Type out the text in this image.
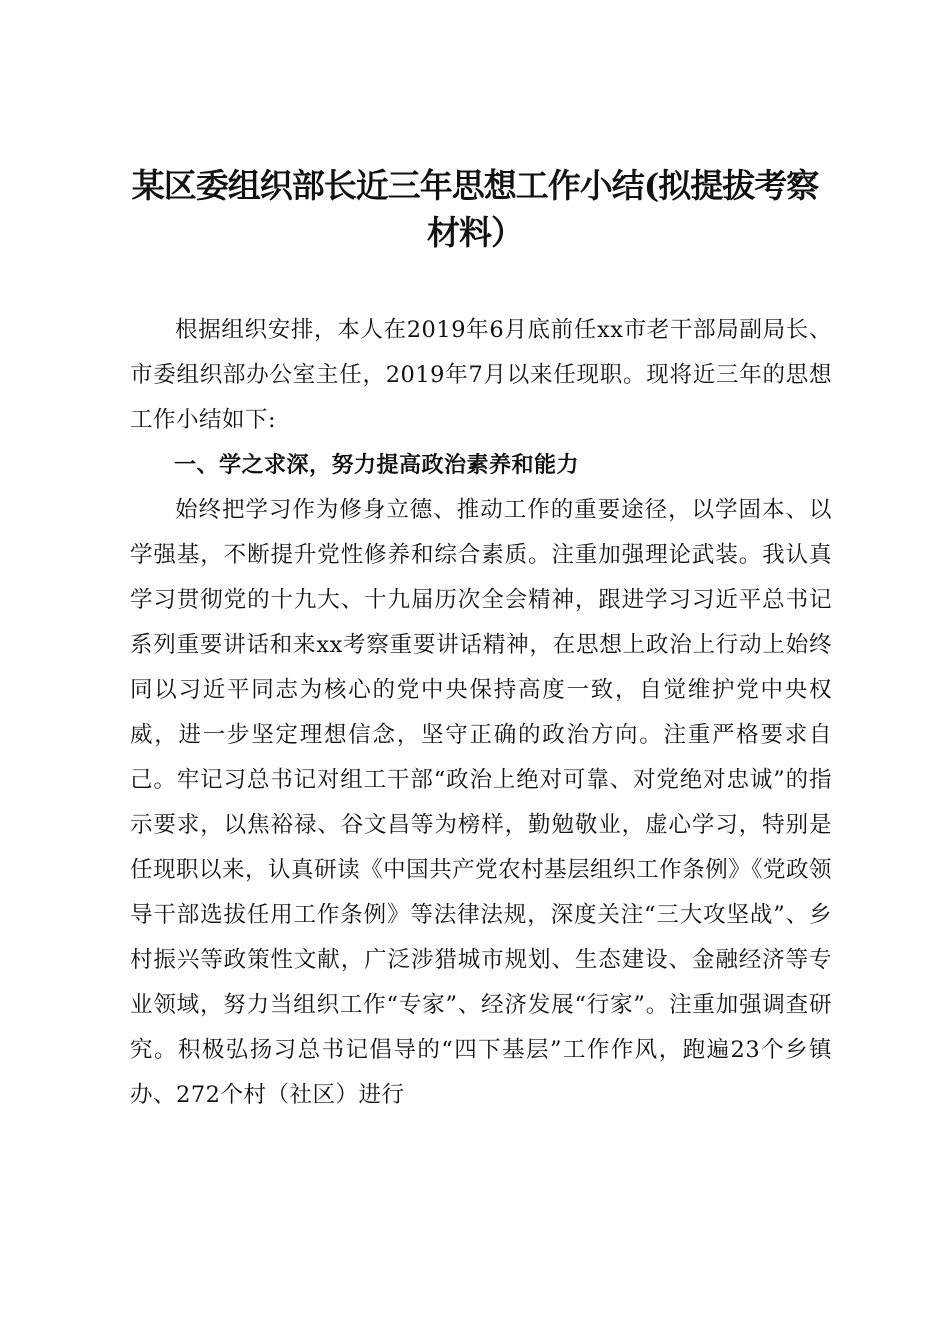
某区委组织部长近三年思想工作小结(拟提拔考察材料）

根据组织安排，本人在2019年6月底前任xx市老干部局副局长、市委组织部办公室主任，2019年7月以来任现职。现将近三年的思想工作小结如下:

一、学之求深，努力提高政治素养和能力

始终把学习作为修身立德、推动工作的重要途径，以学固本、以学强基，不断提升党性修养和综合素质。注重加强理论武装。我认真学习贯彻党的十九大、十九届历次全会精神，跟进学习习近平总书记系列重要讲话和来xx考察重要讲话精神，在思想上政治上行动上始终同以习近平同志为核心的党中央保持高度一致，自觉维护党中央权威，进一步坚定理想信念，坚守正确的政治方向。注重严格要求自己。牢记习总书记对组工干部“政治上绝对可靠、对党绝对忠诚”的指示要求，以焦裕禄、谷文昌等为榜样，勤勉敬业，虚心学习，特别是任现职以来，认真研读《中国共产党农村基层组织工作条例》《党政领导干部选拔任用工作条例》等法律法规，深度关注“三大攻坚战”、乡村振兴等政策性文献，广泛涉猎城市规划、生态建设、金融经济等专业领域，努力当组织工作“专家”、经济发展“行家”。注重加强调查研究。积极弘扬习总书记倡导的“四下基层”工作作风，跑遍23个乡镇办、272个村（社区）进行
